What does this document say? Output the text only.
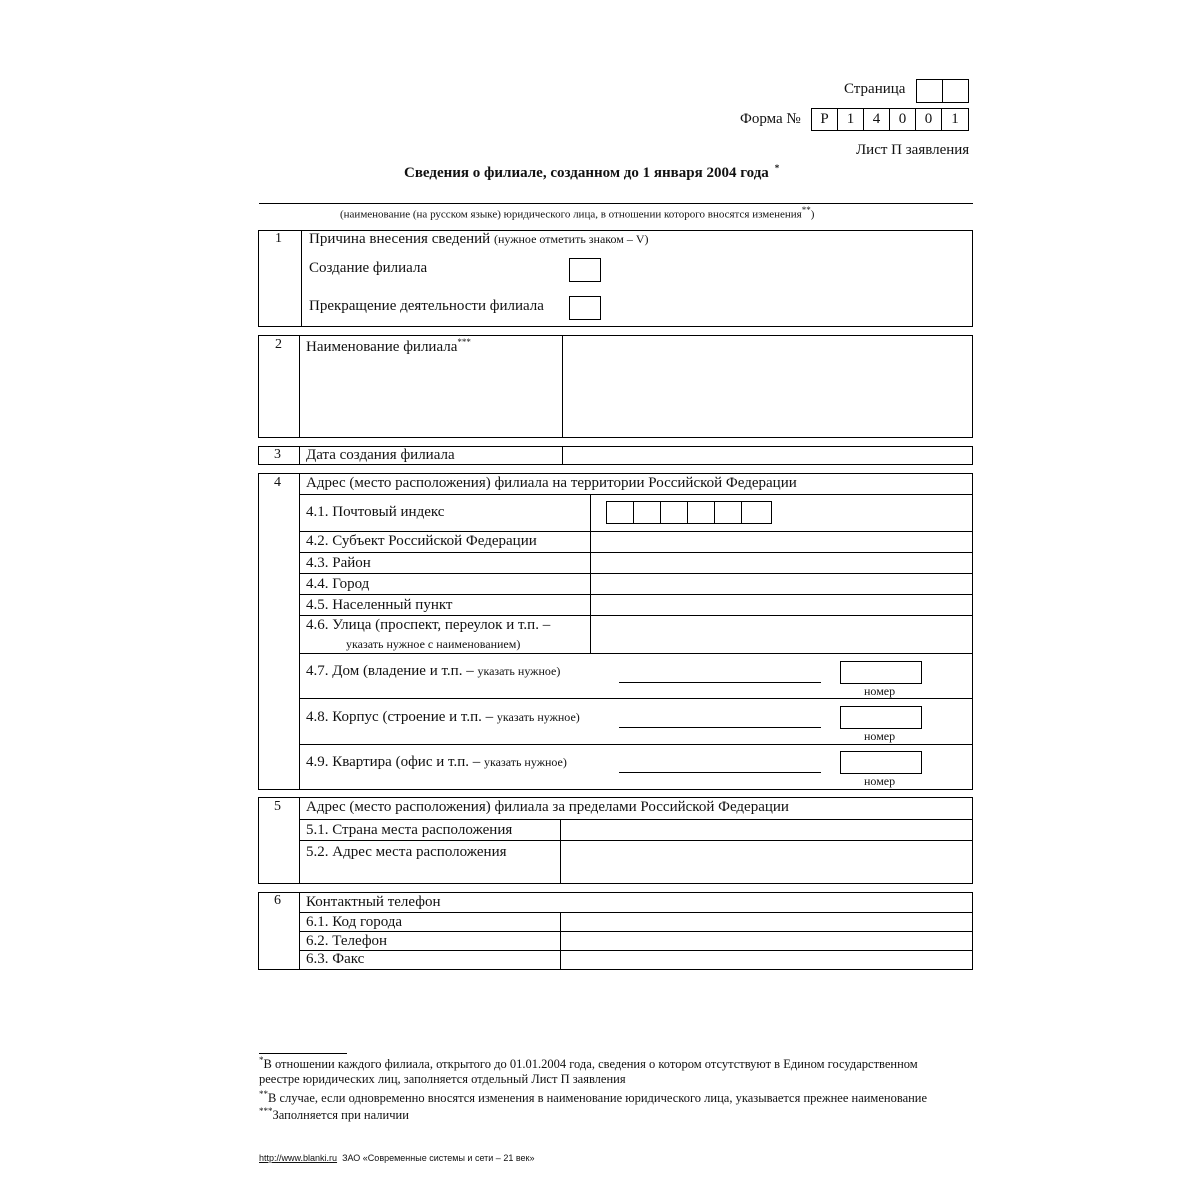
Страница
Форма №	Р	1	4	0	0	1
Лист П заявления
Сведения о филиале, созданном до 1 января 2004 года *
(наименование (на русском языке) юридического лица, в отношении которого вносятся изменения**)
1 Причина внесения сведений (нужное отметить знаком – V)
Создание филиала
Прекращение деятельности филиала
2 Наименование филиала***
3 Дата создания филиала
4 Адрес (место расположения) филиала на территории Российской Федерации
4.1. Почтовый индекс
4.2. Субъект Российской Федерации
4.3. Район
4.4. Город
4.5. Населенный пункт
4.6. Улица (проспект, переулок и т.п. –
указать нужное с наименованием)
4.7. Дом (владение и т.п. – указать нужное)
номер
4.8. Корпус (строение и т.п. – указать нужное)
номер
4.9. Квартира (офис и т.п. – указать нужное)
номер
5 Адрес (место расположения) филиала за пределами Российской Федерации
5.1. Страна места расположения
5.2. Адрес места расположения
6 Контактный телефон
6.1. Код города
6.2. Телефон
6.3. Факс
*В отношении каждого филиала, открытого до 01.01.2004 года, сведения о котором отсутствуют в Едином государственном
реестре юридических лиц, заполняется отдельный Лист П заявления
**В случае, если одновременно вносятся изменения в наименование юридического лица, указывается прежнее наименование
***Заполняется при наличии
http://www.blanki.ru ЗАО «Современные системы и сети – 21 век»
